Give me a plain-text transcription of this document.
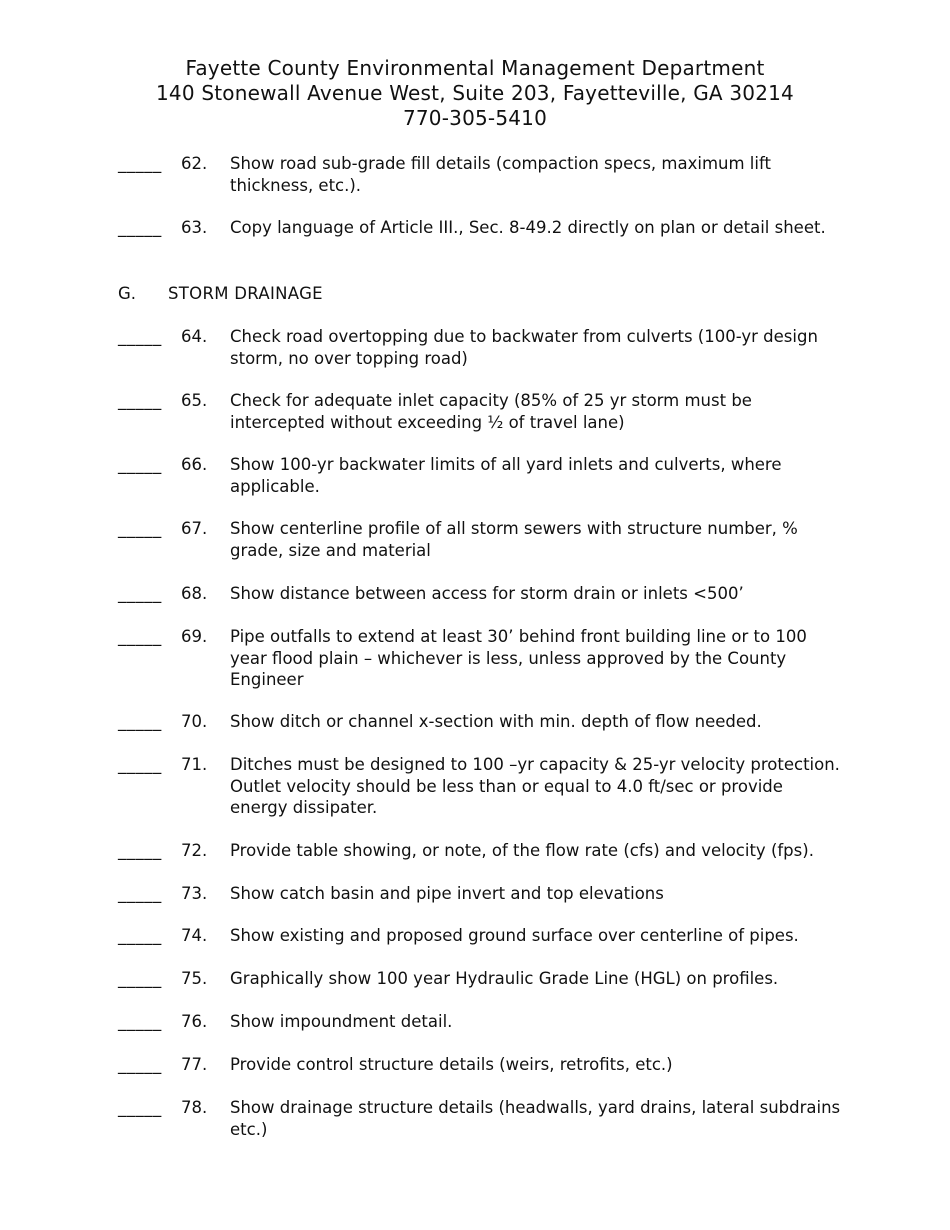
Fayette County Environmental Management Department
140 Stonewall Avenue West, Suite 203, Fayetteville, GA 30214
770-305-5410
_____ 62. Show road sub-grade fill details (compaction specs, maximum lift thickness, etc.).
_____ 63. Copy language of Article III., Sec. 8-49.2 directly on plan or detail sheet.
G. STORM DRAINAGE
_____ 64. Check road overtopping due to backwater from culverts (100-yr design storm, no over topping road)
_____ 65. Check for adequate inlet capacity (85% of 25 yr storm must be intercepted without exceeding ½ of travel lane)
_____ 66. Show 100-yr backwater limits of all yard inlets and culverts, where applicable.
_____ 67. Show centerline profile of all storm sewers with structure number, % grade, size and material
_____ 68. Show distance between access for storm drain or inlets <500’
_____ 69. Pipe outfalls to extend at least 30’ behind front building line or to 100 year flood plain – whichever is less, unless approved by the County Engineer
_____ 70. Show ditch or channel x-section with min. depth of flow needed.
_____ 71. Ditches must be designed to 100 –yr capacity & 25-yr velocity protection. Outlet velocity should be less than or equal to 4.0 ft/sec or provide energy dissipater.
_____ 72. Provide table showing, or note, of the flow rate (cfs) and velocity (fps).
_____ 73. Show catch basin and pipe invert and top elevations
_____ 74. Show existing and proposed ground surface over centerline of pipes.
_____ 75. Graphically show 100 year Hydraulic Grade Line (HGL) on profiles.
_____ 76. Show impoundment detail.
_____ 77. Provide control structure details (weirs, retrofits, etc.)
_____ 78. Show drainage structure details (headwalls, yard drains, lateral subdrains etc.)
